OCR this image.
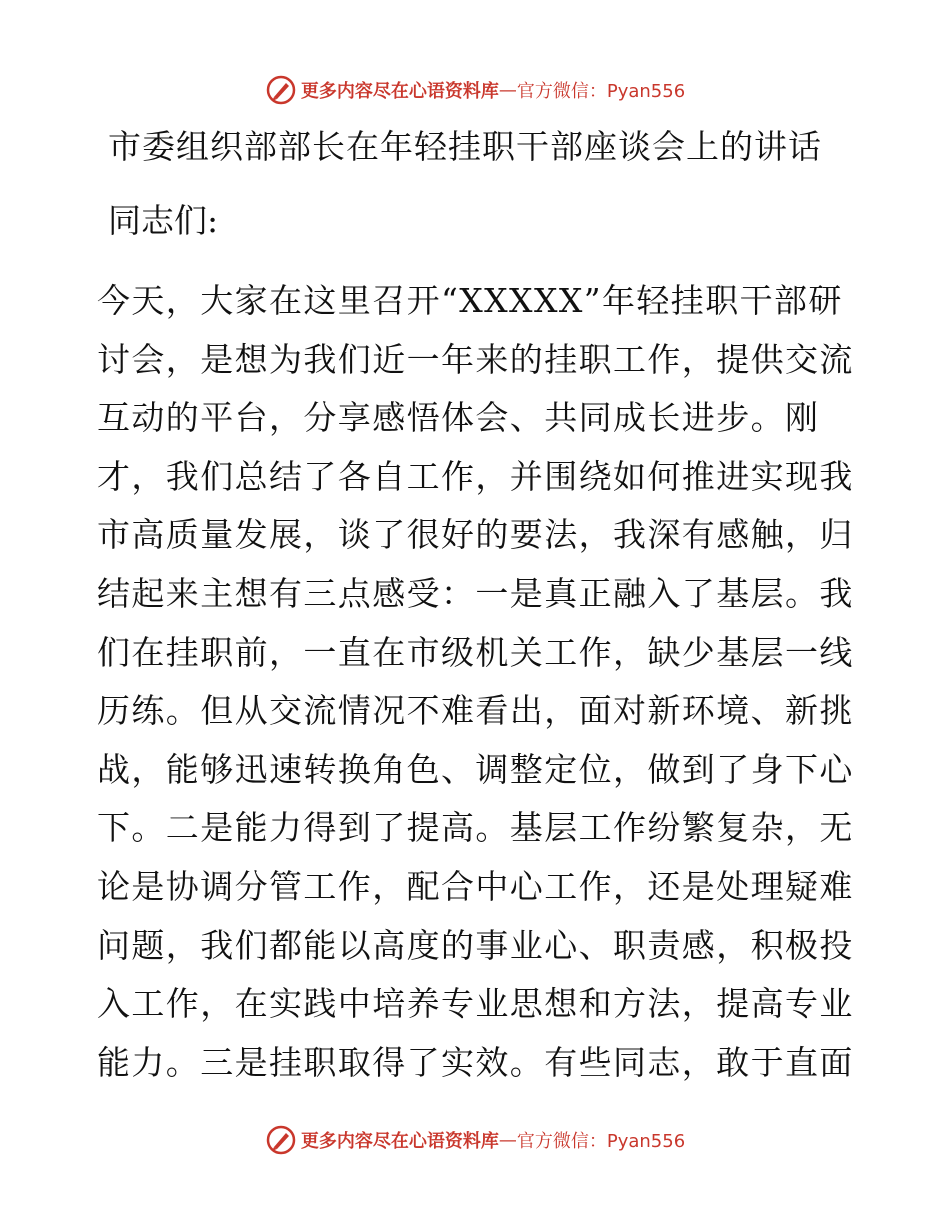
更多内容尽在心语资料库 — 官方微信：Pyan556
市委组织部部长在年轻挂职干部座谈会上的讲话
同志们:
今天，大家在这里召开“XXXXX”年轻挂职干部研
讨会，是想为我们近一年来的挂职工作，提供交流
互动的平台，分享感悟体会、共同成长进步。刚
才，我们总结了各自工作，并围绕如何推进实现我
市高质量发展，谈了很好的要法，我深有感触，归
结起来主想有三点感受：一是真正融入了基层。我
们在挂职前，一直在市级机关工作，缺少基层一线
历练。但从交流情况不难看出，面对新环境、新挑
战，能够迅速转换角色、调整定位，做到了身下心
下。二是能力得到了提高。基层工作纷繁复杂，无
论是协调分管工作，配合中心工作，还是处理疑难
问题，我们都能以高度的事业心、职责感，积极投
入工作，在实践中培养专业思想和方法，提高专业
能力。三是挂职取得了实效。有些同志，敢于直面
更多内容尽在心语资料库 — 官方微信：Pyan556
